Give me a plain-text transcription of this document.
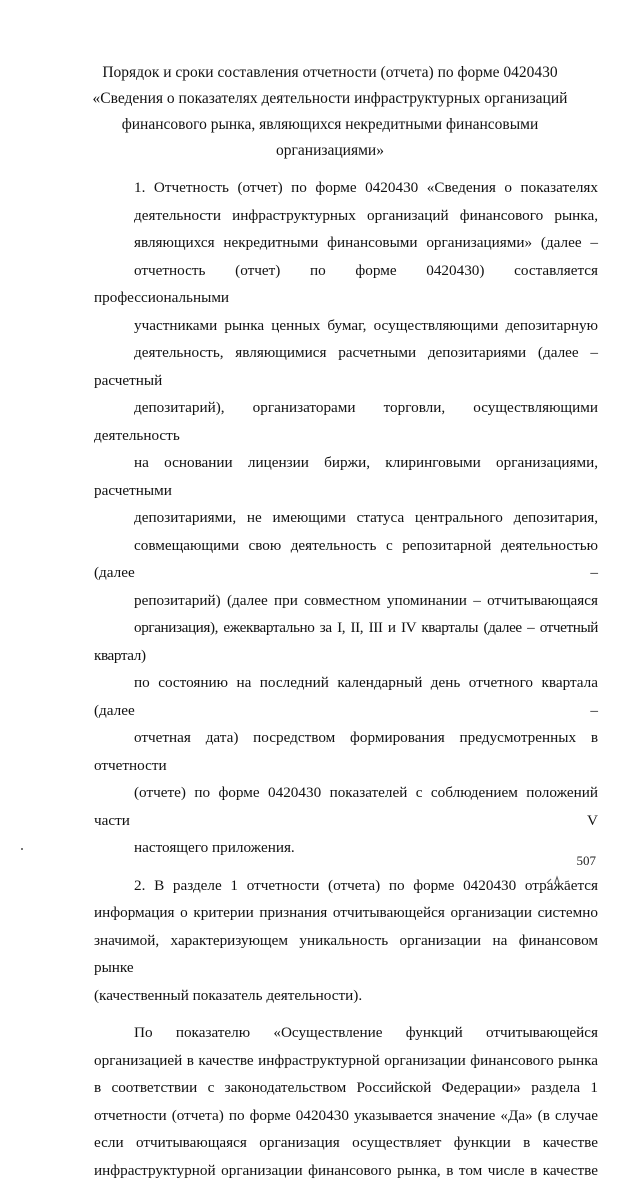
Порядок и сроки составления отчетности (отчета) по форме 0420430
«Сведения о показателях деятельности инфраструктурных организаций
финансового рынка, являющихся некредитными финансовыми
организациями»

1. Отчетность (отчет) по форме 0420430 «Сведения о показателях
деятельности инфраструктурных организаций финансового рынка,
являющихся некредитными финансовыми организациями» (далее –
отчетность (отчет) по форме 0420430) составляется профессиональными
участниками рынка ценных бумаг, осуществляющими депозитарную
деятельность, являющимися расчетными депозитариями (далее – расчетный
депозитарий), организаторами торговли, осуществляющими деятельность
на основании лицензии биржи, клиринговыми организациями, расчетными
депозитариями, не имеющими статуса центрального депозитария,
совмещающими свою деятельность с репозитарной деятельностью (далее –
репозитарий) (далее при совместном упоминании – отчитывающаяся
организация), ежеквартально за I, II, III и IV кварталы (далее – отчетный квартал)
по состоянию на последний календарный день отчетного квартала (далее –
отчетная дата) посредством формирования предусмотренных в отчетности
(отчете) по форме 0420430 показателей с соблюдением положений части V
настоящего приложения.

2. В разделе 1 отчетности (отчета) по форме 0420430 отражается
информация о критерии признания отчитывающейся организации системно
значимой, характеризующем уникальность организации на финансовом рынке
(качественный показатель деятельности).

По показателю «Осуществление функций отчитывающейся
организацией в качестве инфраструктурной организации финансового рынка
в соответствии с законодательством Российской Федерации» раздела 1
отчетности (отчета) по форме 0420430 указывается значение «Да» (в случае
если отчитывающаяся организация осуществляет функции в качестве
инфраструктурной организации финансового рынка, в том числе в качестве

507
